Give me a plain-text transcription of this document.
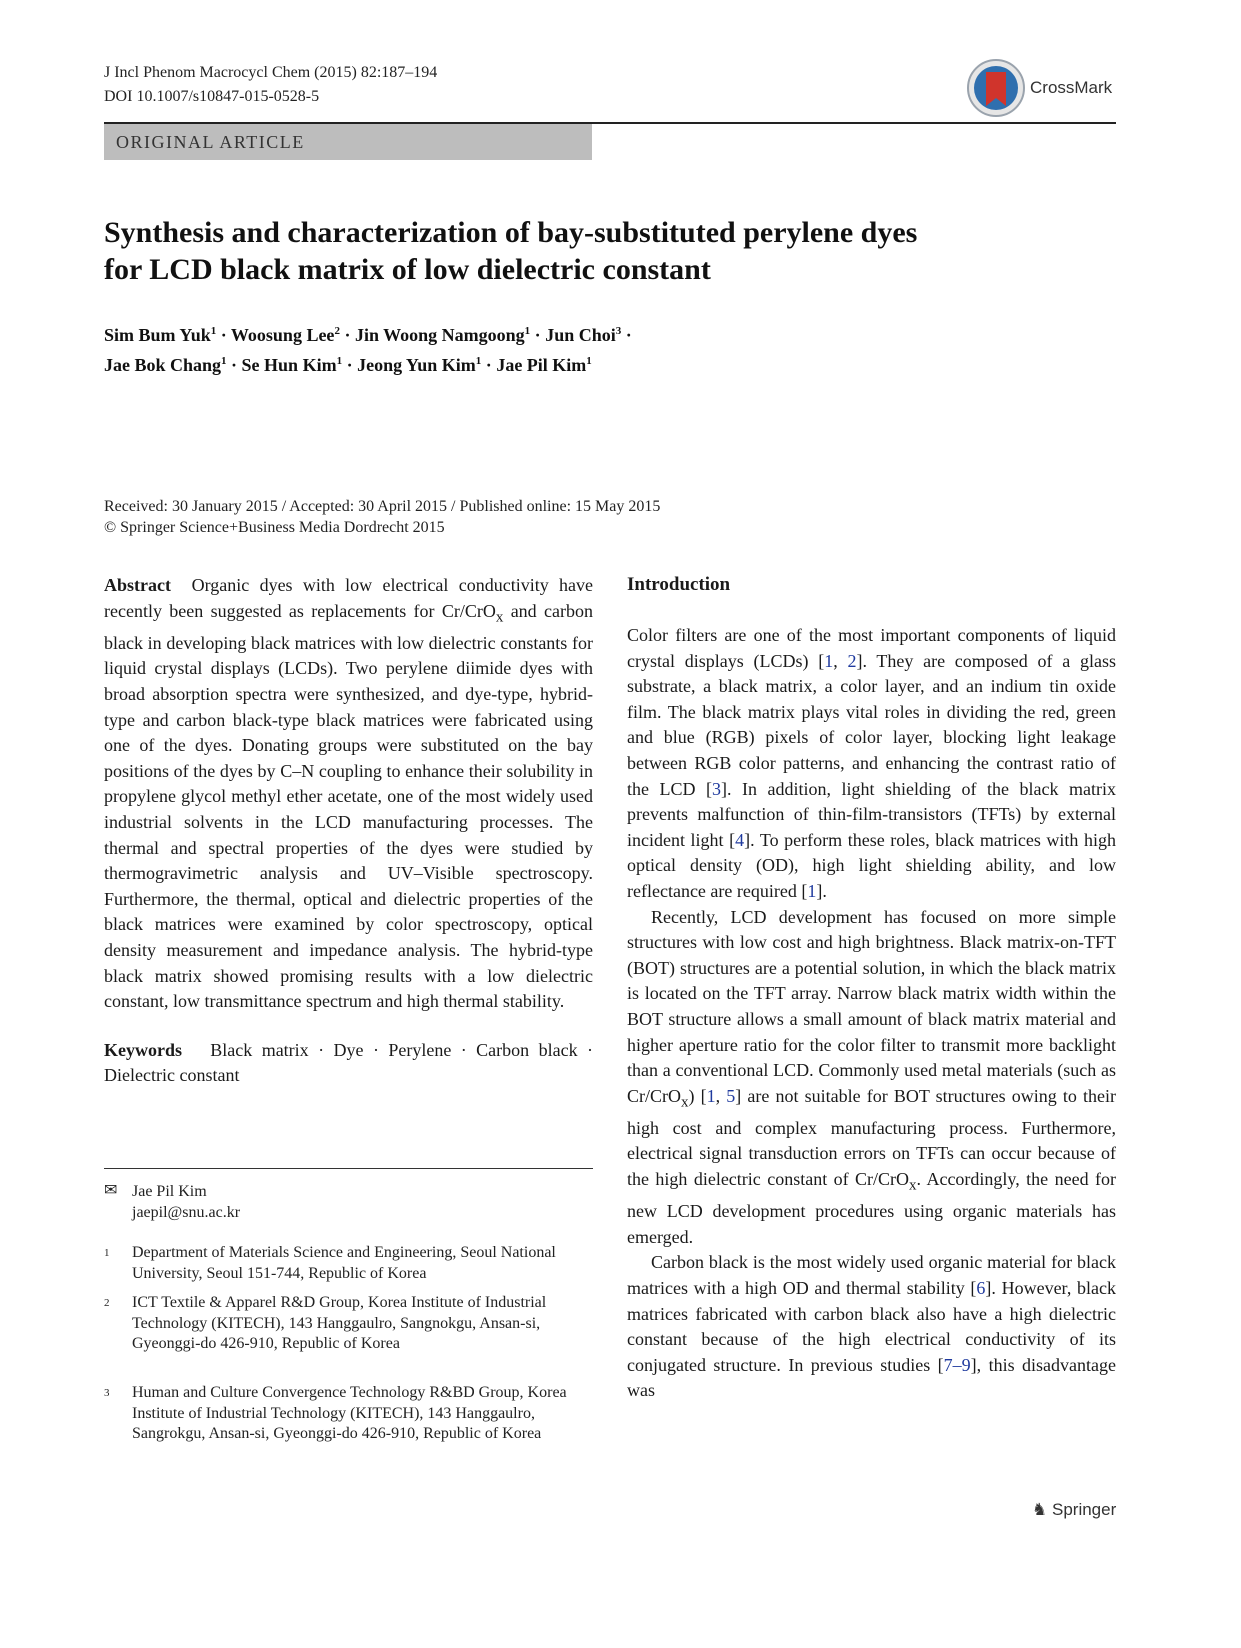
J Incl Phenom Macrocycl Chem (2015) 82:187–194
DOI 10.1007/s10847-015-0528-5	CrossMark
ORIGINAL ARTICLE
Synthesis and characterization of bay-substituted perylene dyes
for LCD black matrix of low dielectric constant
Sim Bum Yuk$^1$ · Woosung Lee$^2$ · Jin Woong Namgoong$^1$ · Jun Choi$^3$ ·
Jae Bok Chang$^1$ · Se Hun Kim$^1$ · Jeong Yun Kim$^1$ · Jae Pil Kim$^1$
Received: 30 January 2015 / Accepted: 30 April 2015 / Published online: 15 May 2015
© Springer Science+Business Media Dordrecht 2015
Abstract Organic dyes with low electrical conductivity have recently been suggested as replacements for Cr/CrO$_x$ and carbon black in developing black matrices with low dielectric constants for liquid crystal displays (LCDs). Two perylene diimide dyes with broad absorption spectra were synthesized, and dye-type, hybrid-type and carbon black-type black matrices were fabricated using one of the dyes. Donating groups were substituted on the bay positions of the dyes by C–N coupling to enhance their solubility in propylene glycol methyl ether acetate, one of the most widely used industrial solvents in the LCD manufacturing processes. The thermal and spectral properties of the dyes were studied by thermogravimetric analysis and UV–Visible spectroscopy. Furthermore, the thermal, optical and dielectric properties of the black matrices were examined by color spectroscopy, optical density measurement and impedance analysis. The hybrid-type black matrix showed promising results with a low dielectric constant, low transmittance spectrum and high thermal stability.
Keywords Black matrix · Dye · Perylene · Carbon black · Dielectric constant
✉ Jae Pil Kim
jaepil@snu.ac.kr
1 Department of Materials Science and Engineering, Seoul National University, Seoul 151-744, Republic of Korea
2 ICT Textile & Apparel R&D Group, Korea Institute of Industrial Technology (KITECH), 143 Hanggaulro, Sangnokgu, Ansan-si, Gyeonggi-do 426-910, Republic of Korea
3 Human and Culture Convergence Technology R&BD Group, Korea Institute of Industrial Technology (KITECH), 143 Hanggaulro, Sangrokgu, Ansan-si, Gyeonggi-do 426-910, Republic of Korea
Introduction
Color filters are one of the most important components of liquid crystal displays (LCDs) [1, 2]. They are composed of a glass substrate, a black matrix, a color layer, and an indium tin oxide film. The black matrix plays vital roles in dividing the red, green and blue (RGB) pixels of color layer, blocking light leakage between RGB color patterns, and enhancing the contrast ratio of the LCD [3]. In addition, light shielding of the black matrix prevents malfunction of thin-film-transistors (TFTs) by external incident light [4]. To perform these roles, black matrices with high optical density (OD), high light shielding ability, and low reflectance are required [1].
Recently, LCD development has focused on more simple structures with low cost and high brightness. Black matrix-on-TFT (BOT) structures are a potential solution, in which the black matrix is located on the TFT array. Narrow black matrix width within the BOT structure allows a small amount of black matrix material and higher aperture ratio for the color filter to transmit more backlight than a conventional LCD. Commonly used metal materials (such as Cr/CrO$_x$) [1, 5] are not suitable for BOT structures owing to their high cost and complex manufacturing process. Furthermore, electrical signal transduction errors on TFTs can occur because of the high dielectric constant of Cr/CrO$_x$. Accordingly, the need for new LCD development procedures using organic materials has emerged.
Carbon black is the most widely used organic material for black matrices with a high OD and thermal stability [6]. However, black matrices fabricated with carbon black also have a high dielectric constant because of the high electrical conductivity of its conjugated structure. In previous studies [7–9], this disadvantage was
♞ Springer
